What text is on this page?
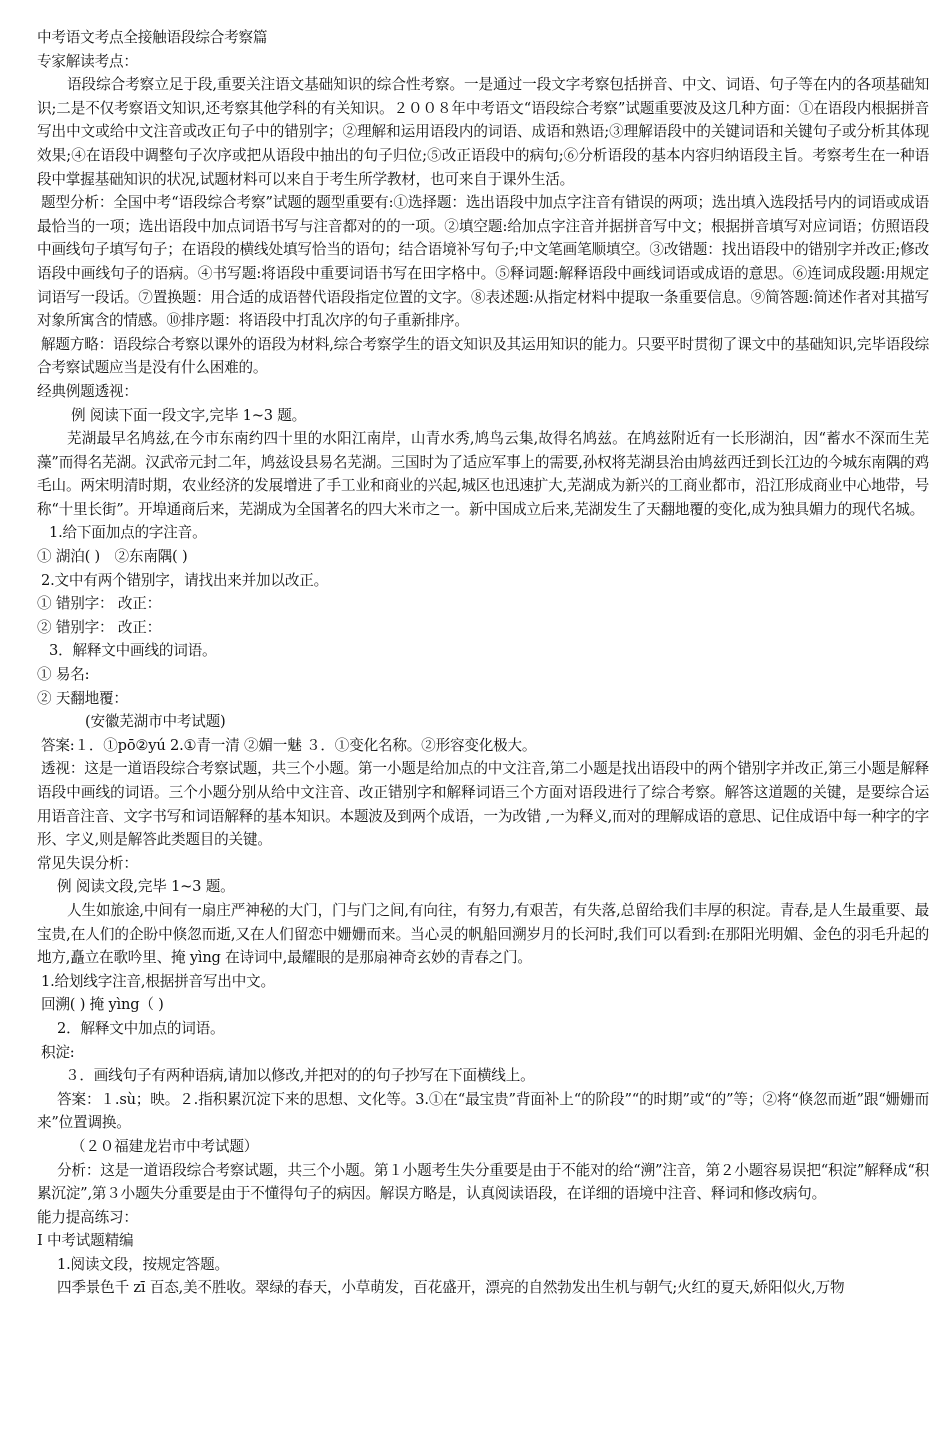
中考语文考点全接触语段综合考察篇

专家解读考点：

语段综合考察立足于段,重要关注语文基础知识的综合性考察。一是通过一段文字考察包括拼音、中文、词语、句子等在内的各项基础知识;二是不仅考察语文知识,还考察其他学科的有关知识。２００８年中考语文“语段综合考察”试题重要波及这几种方面：①在语段内根据拼音写出中文或给中文注音或改正句子中的错别字；②理解和运用语段内的词语、成语和熟语;③理解语段中的关键词语和关键句子或分析其体现效果;④在语段中调整句子次序或把从语段中抽出的句子归位;⑤改正语段中的病句;⑥分析语段的基本内容归纳语段主旨。考察考生在一种语段中掌握基础知识的状况,试题材料可以来自于考生所学教材，也可来自于课外生活。

题型分析：全国中考“语段综合考察”试题的题型重要有:①选择题：选出语段中加点字注音有错误的两项；选出填入选段括号内的词语或成语最恰当的一项；选出语段中加点词语书写与注音都对的的一项。②填空题:给加点字注音并据拼音写中文；根据拼音填写对应词语；仿照语段中画线句子填写句子；在语段的横线处填写恰当的语句；结合语境补写句子;中文笔画笔顺填空。③改错题：找出语段中的错别字并改正;修改语段中画线句子的语病。④书写题:将语段中重要词语书写在田字格中。⑤释词题:解释语段中画线词语或成语的意思。⑥连词成段题:用规定词语写一段话。⑦置换题：用合适的成语替代语段指定位置的文字。⑧表述题:从指定材料中提取一条重要信息。⑨简答题:简述作者对其描写对象所寓含的情感。⑩排序题：将语段中打乱次序的句子重新排序。

解题方略：语段综合考察以课外的语段为材料,综合考察学生的语文知识及其运用知识的能力。只要平时贯彻了课文中的基础知识,完毕语段综合考察试题应当是没有什么困难的。

经典例题透视：

例 阅读下面一段文字,完毕 1~3 题。

芜湖最早名鸠兹,在今市东南约四十里的水阳江南岸，山青水秀,鸠鸟云集,故得名鸠兹。在鸠兹附近有一长形湖泊，因“蓄水不深而生芜藻”而得名芜湖。汉武帝元封二年，鸠兹设县易名芜湖。三国时为了适应军事上的需要,孙权将芜湖县治由鸠兹西迁到长江边的今城东南隅的鸡毛山。两宋明清时期，农业经济的发展增进了手工业和商业的兴起,城区也迅速扩大,芜湖成为新兴的工商业都市，沿江形成商业中心地带，号称“十里长街”。开埠通商后来，芜湖成为全国著名的四大米市之一。新中国成立后来,芜湖发生了天翻地覆的变化,成为独具媚力的现代名城。

1.给下面加点的字注音。

① 湖泊( )　②东南隅( )

2.文中有两个错别字，请找出来并加以改正。

① 错别字： 改正：

② 错别字： 改正：

3．解释文中画线的词语。

① 易名:

② 天翻地覆：

(安徽芜湖市中考试题)

答案:１．①pō②yú 2.①青一清 ②媚一魅 ３．①变化名称。②形容变化极大。

透视：这是一道语段综合考察试题，共三个小题。第一小题是给加点的中文注音,第二小题是找出语段中的两个错别字并改正,第三小题是解释语段中画线的词语。三个小题分别从给中文注音、改正错别字和解释词语三个方面对语段进行了综合考察。解答这道题的关键，是要综合运用语音注音、文字书写和词语解释的基本知识。本题波及到两个成语，一为改错 ,一为释义,而对的理解成语的意思、记住成语中每一种字的字形、字义,则是解答此类题目的关键。

常见失误分析：

例 阅读文段,完毕 1~3 题。

人生如旅途,中间有一扇庄严神秘的大门，门与门之间,有向往，有努力,有艰苦，有失落,总留给我们丰厚的积淀。青春,是人生最重要、最宝贵,在人们的企盼中倏忽而逝,又在人们留恋中姗姗而来。当心灵的帆船回溯岁月的长河时,我们可以看到:在那阳光明媚、金色的羽毛升起的地方,矗立在歌吟里、掩 yìng 在诗词中,最耀眼的是那扇神奇玄妙的青春之门。

1.给划线字注音,根据拼音写出中文。

回溯( ) 掩 yìng（ )

2．解释文中加点的词语。

积淀:

３．画线句子有两种语病,请加以修改,并把对的的句子抄写在下面横线上。

答案：１.sù；映。２.指积累沉淀下来的思想、文化等。3.①在“最宝贵”背面补上“的阶段”“的时期”或“的”等；②将“倏忽而逝”跟“姗姗而来”位置调换。

（２０福建龙岩市中考试题）

分析：这是一道语段综合考察试题，共三个小题。第１小题考生失分重要是由于不能对的给“溯”注音，第２小题容易误把“积淀”解释成“积累沉淀”,第３小题失分重要是由于不懂得句子的病因。解误方略是，认真阅读语段，在详细的语境中注音、释词和修改病句。

能力提高练习：

Ⅰ 中考试题精编

1.阅读文段，按规定答题。

四季景色千 zī 百态,美不胜收。翠绿的春天，小草萌发，百花盛开，漂亮的自然勃发出生机与朝气;火红的夏天,娇阳似火,万物
